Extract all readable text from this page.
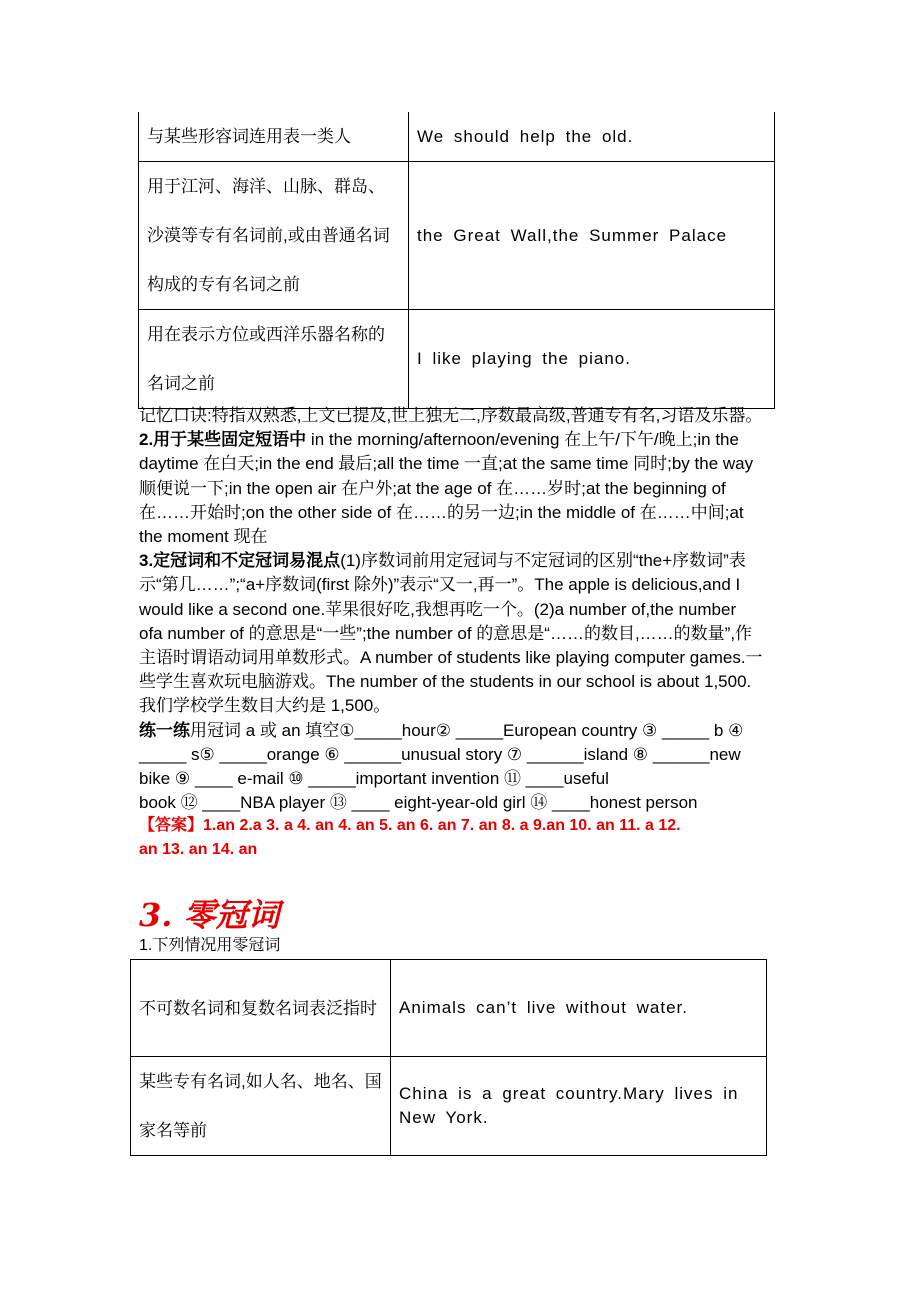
与某些形容词连用表一类人	We should help the old.
用于江河、海洋、山脉、群岛、沙漠等专有名词前,或由普通名词构成的专有名词之前	the Great Wall,the Summer Palace
用在表示方位或西洋乐器名称的名词之前	I like playing the piano.
记忆口诀:特指双熟悉,上文已提及,世上独无二,序数最高级,普通专有名,习语及乐器。
2.用于某些固定短语中 in the morning/afternoon/evening 在上午/下午/晚上;in the
daytime 在白天;in the end 最后;all the time 一直;at the same time 同时;by the way
顺便说一下;in the open air 在户外;at the age of 在……岁时;at the beginning of
在……开始时;on the other side of 在……的另一边;in the middle of 在……中间;at
the moment 现在
3.定冠词和不定冠词易混点(1)序数词前用定冠词与不定冠词的区别“the+序数词”表
示“第几……”;“a+序数词(first 除外)”表示“又一,再一”。The apple is delicious,and I
would like a second one.苹果很好吃,我想再吃一个。(2)a number of,the number
ofa number of 的意思是“一些”;the number of 的意思是“……的数目,……的数量”,作
主语时谓语动词用单数形式。A number of students like playing computer games.一
些学生喜欢玩电脑游戏。The number of the students in our school is about 1,500.
我们学校学生数目大约是 1,500。
练一练用冠词 a 或 an 填空①_____hour② _____European country ③ _____ b ④
_____ s⑤ _____orange ⑥ ______unusual story ⑦ ______island ⑧ ______new
bike ⑨ ____ e-mail ⑩ _____important invention ⑪ ____useful
book ⑫ ____NBA player ⑬ ____ eight-year-old girl ⑭ ____honest person
【答案】1.an 2.a 3. a 4. an 4. an 5. an 6. an 7. an 8. a 9.an 10. an 11. a 12.
an 13. an 14. an
3. 零冠词
1.下列情况用零冠词
不可数名词和复数名词表泛指时	Animals can’t live without water.
某些专有名词,如人名、地名、国家名等前	China is a great country.Mary lives in New York.
